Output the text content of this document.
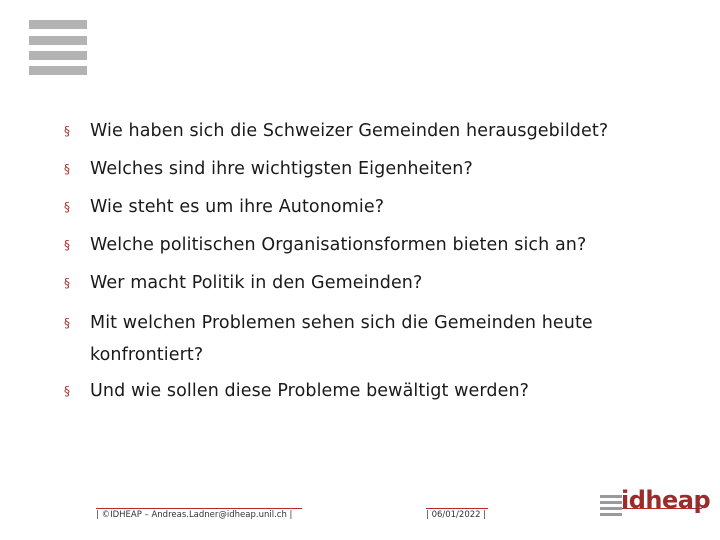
§ Wie haben sich die Schweizer Gemeinden herausgebildet?
§ Welches sind ihre wichtigsten Eigenheiten?
§ Wie steht es um ihre Autonomie?
§ Welche politischen Organisationsformen bieten sich an?
§ Wer macht Politik in den Gemeinden?
§ Mit welchen Problemen sehen sich die Gemeinden heute konfrontiert?
§ Und wie sollen diese Probleme bewältigt werden?
| ©IDHEAP – Andreas.Ladner@idheap.unil.ch |	| 06/01/2022 |
idheap
